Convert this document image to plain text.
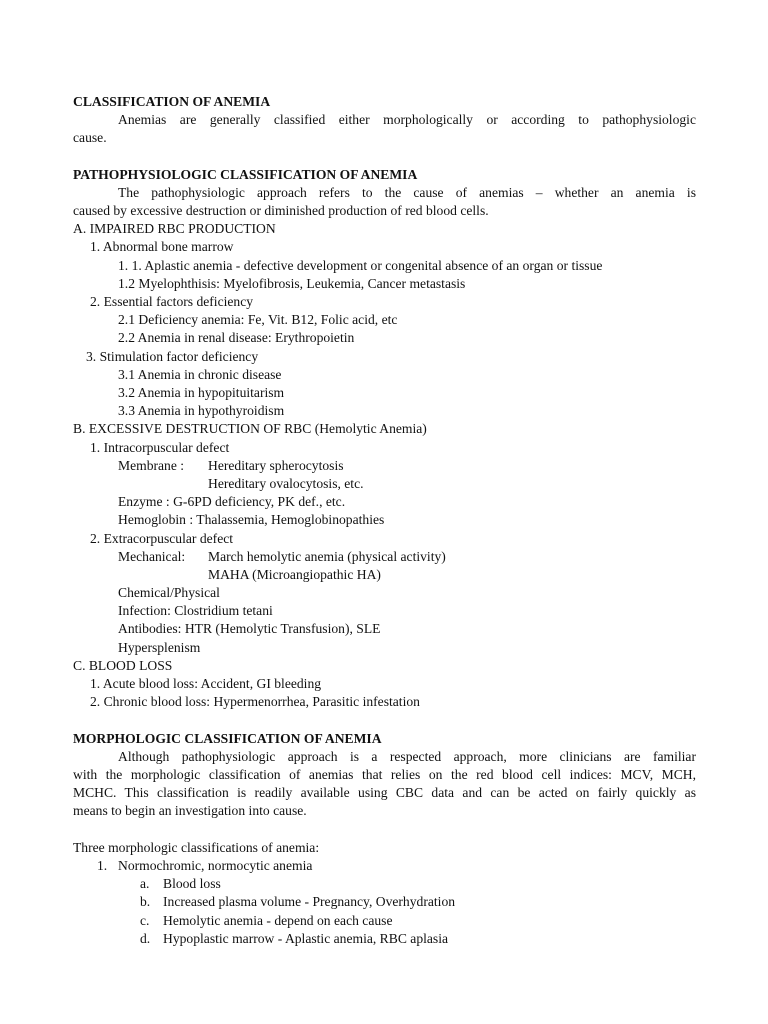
CLASSIFICATION OF ANEMIA
Anemias are generally classified either morphologically or according to pathophysiologic
cause.
PATHOPHYSIOLOGIC CLASSIFICATION OF ANEMIA
The pathophysiologic approach refers to the cause of anemias – whether an anemia is
caused by excessive destruction or diminished production of red blood cells.
A. IMPAIRED RBC PRODUCTION
1. Abnormal bone marrow
1. 1. Aplastic anemia - defective development or congenital absence of an organ or tissue
1.2 Myelophthisis: Myelofibrosis, Leukemia, Cancer metastasis
2. Essential factors deficiency
2.1 Deficiency anemia: Fe, Vit. B12, Folic acid, etc
2.2 Anemia in renal disease: Erythropoietin
3. Stimulation factor deficiency
3.1 Anemia in chronic disease
3.2 Anemia in hypopituitarism
3.3 Anemia in hypothyroidism
B. EXCESSIVE DESTRUCTION OF RBC (Hemolytic Anemia)
1. Intracorpuscular defect
Membrane : Hereditary spherocytosis
Hereditary ovalocytosis, etc.
Enzyme : G-6PD deficiency, PK def., etc.
Hemoglobin : Thalassemia, Hemoglobinopathies
2. Extracorpuscular defect
Mechanical: March hemolytic anemia (physical activity)
MAHA (Microangiopathic HA)
Chemical/Physical
Infection: Clostridium tetani
Antibodies: HTR (Hemolytic Transfusion), SLE
Hypersplenism
C. BLOOD LOSS
1. Acute blood loss: Accident, GI bleeding
2. Chronic blood loss: Hypermenorrhea, Parasitic infestation
MORPHOLOGIC CLASSIFICATION OF ANEMIA
Although pathophysiologic approach is a respected approach, more clinicians are familiar
with the morphologic classification of anemias that relies on the red blood cell indices: MCV, MCH,
MCHC. This classification is readily available using CBC data and can be acted on fairly quickly as
means to begin an investigation into cause.
Three morphologic classifications of anemia:
1. Normochromic, normocytic anemia
a. Blood loss
b. Increased plasma volume - Pregnancy, Overhydration
c. Hemolytic anemia - depend on each cause
d. Hypoplastic marrow - Aplastic anemia, RBC aplasia
